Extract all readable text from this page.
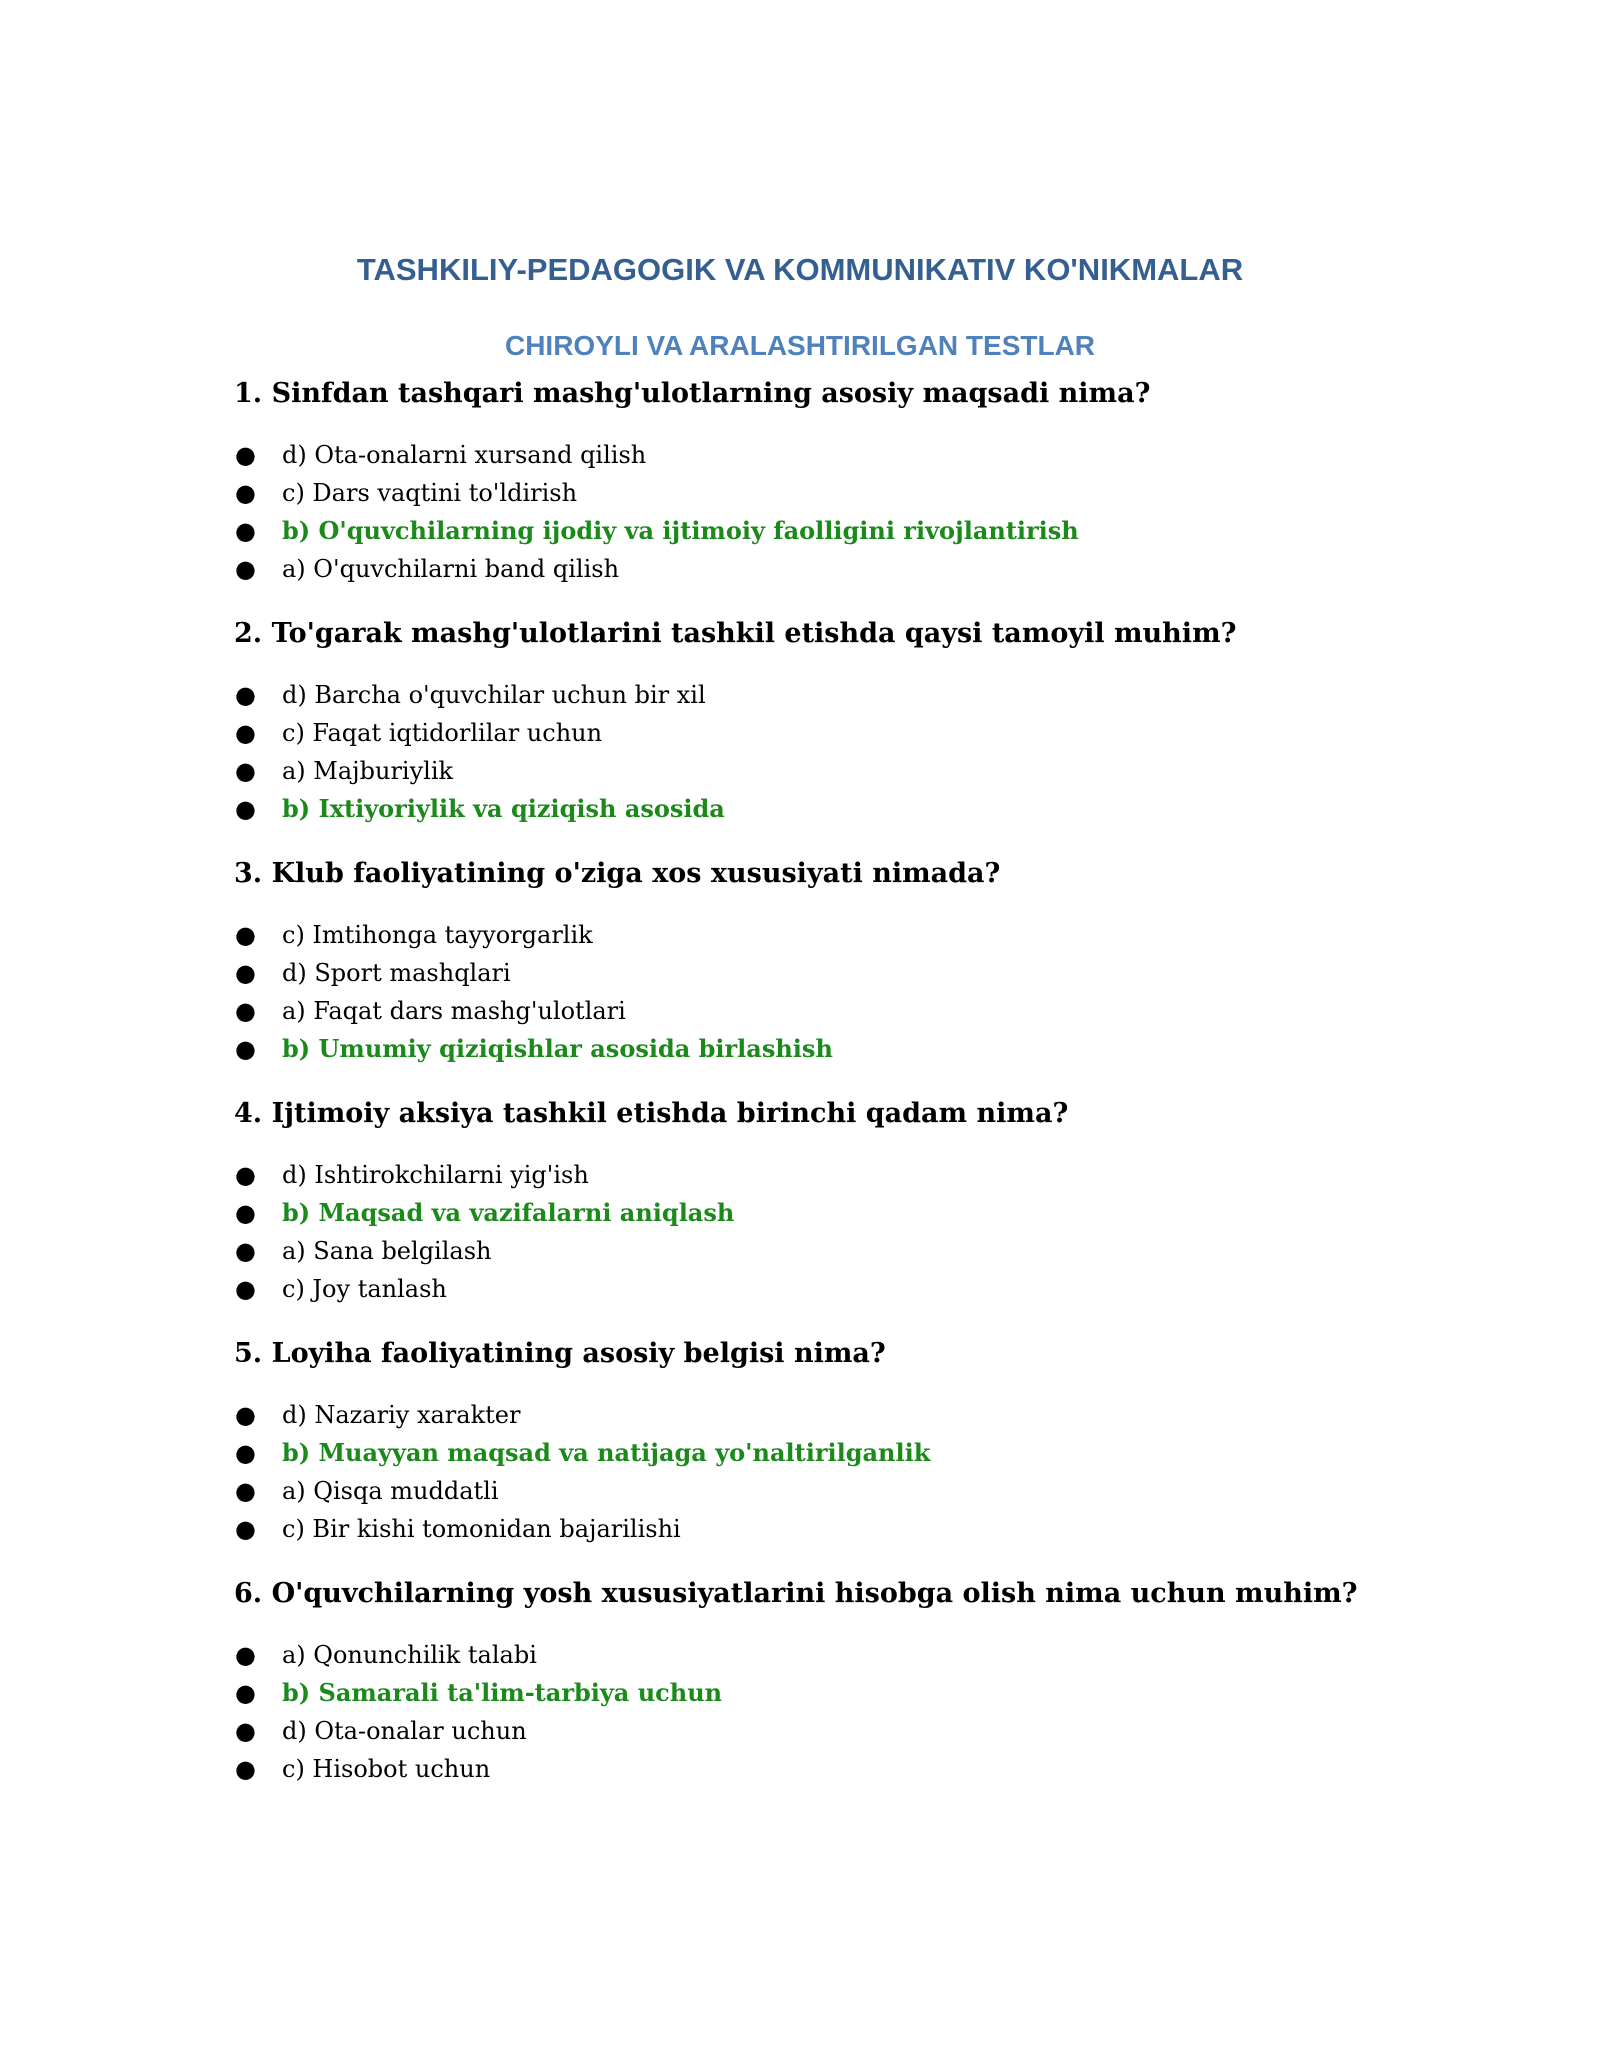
TASHKILIY-PEDAGOGIK VA KOMMUNIKATIV KO'NIKMALAR
CHIROYLI VA ARALASHTIRILGAN TESTLAR

1. Sinfdan tashqari mashg'ulotlarning asosiy maqsadi nima?

● d) Ota-onalarni xursand qilish
● c) Dars vaqtini to'ldirish
● b) O'quvchilarning ijodiy va ijtimoiy faolligini rivojlantirish
● a) O'quvchilarni band qilish

2. To'garak mashg'ulotlarini tashkil etishda qaysi tamoyil muhim?

● d) Barcha o'quvchilar uchun bir xil
● c) Faqat iqtidorlilar uchun
● a) Majburiylik
● b) Ixtiyoriylik va qiziqish asosida

3. Klub faoliyatining o'ziga xos xususiyati nimada?

● c) Imtihonga tayyorgarlik
● d) Sport mashqlari
● a) Faqat dars mashg'ulotlari
● b) Umumiy qiziqishlar asosida birlashish

4. Ijtimoiy aksiya tashkil etishda birinchi qadam nima?

● d) Ishtirokchilarni yig'ish
● b) Maqsad va vazifalarni aniqlash
● a) Sana belgilash
● c) Joy tanlash

5. Loyiha faoliyatining asosiy belgisi nima?

● d) Nazariy xarakter
● b) Muayyan maqsad va natijaga yo'naltirilganlik
● a) Qisqa muddatli
● c) Bir kishi tomonidan bajarilishi

6. O'quvchilarning yosh xususiyatlarini hisobga olish nima uchun muhim?

● a) Qonunchilik talabi
● b) Samarali ta'lim-tarbiya uchun
● d) Ota-onalar uchun
● c) Hisobot uchun
